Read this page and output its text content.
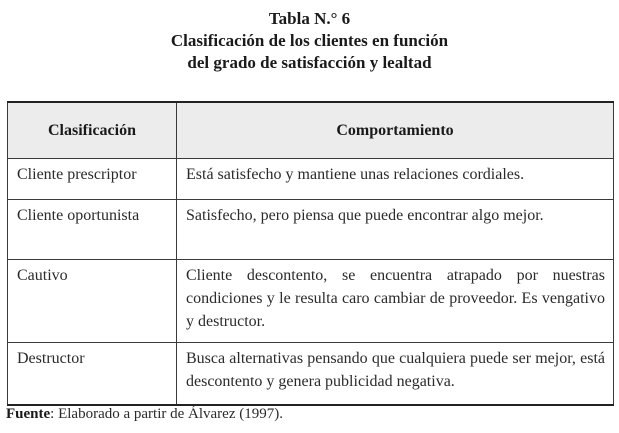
Tabla N.° 6
Clasificación de los clientes en función
del grado de satisfacción y lealtad
Clasificación	Comportamiento
Cliente prescriptor	Está satisfecho y mantiene unas relaciones cordiales.
Cliente oportunista	Satisfecho, pero piensa que puede encontrar algo mejor.
Cautivo	Cliente descontento, se encuentra atrapado por nuestras condiciones y le resulta caro cambiar de proveedor. Es vengativo y destructor.
Destructor	Busca alternativas pensando que cualquiera puede ser mejor, está descontento y genera publicidad negativa.
Fuente: Elaborado a partir de Álvarez (1997).
